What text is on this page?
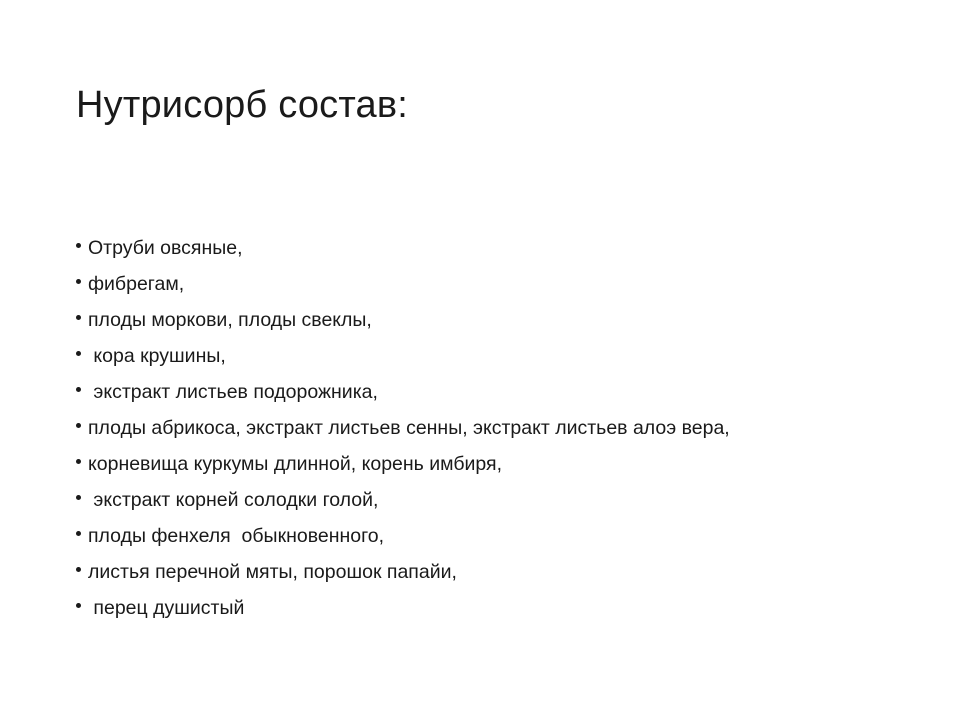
Нутрисорб состав:
Отруби овсяные,
фибрегам,
плоды моркови, плоды свеклы,
кора крушины,
экстракт листьев подорожника,
плоды абрикоса, экстракт листьев сенны, экстракт листьев алоэ вера,
корневища куркумы длинной, корень имбиря,
экстракт корней солодки голой,
плоды фенхеля  обыкновенного,
листья перечной мяты, порошок папайи,
перец душистый
